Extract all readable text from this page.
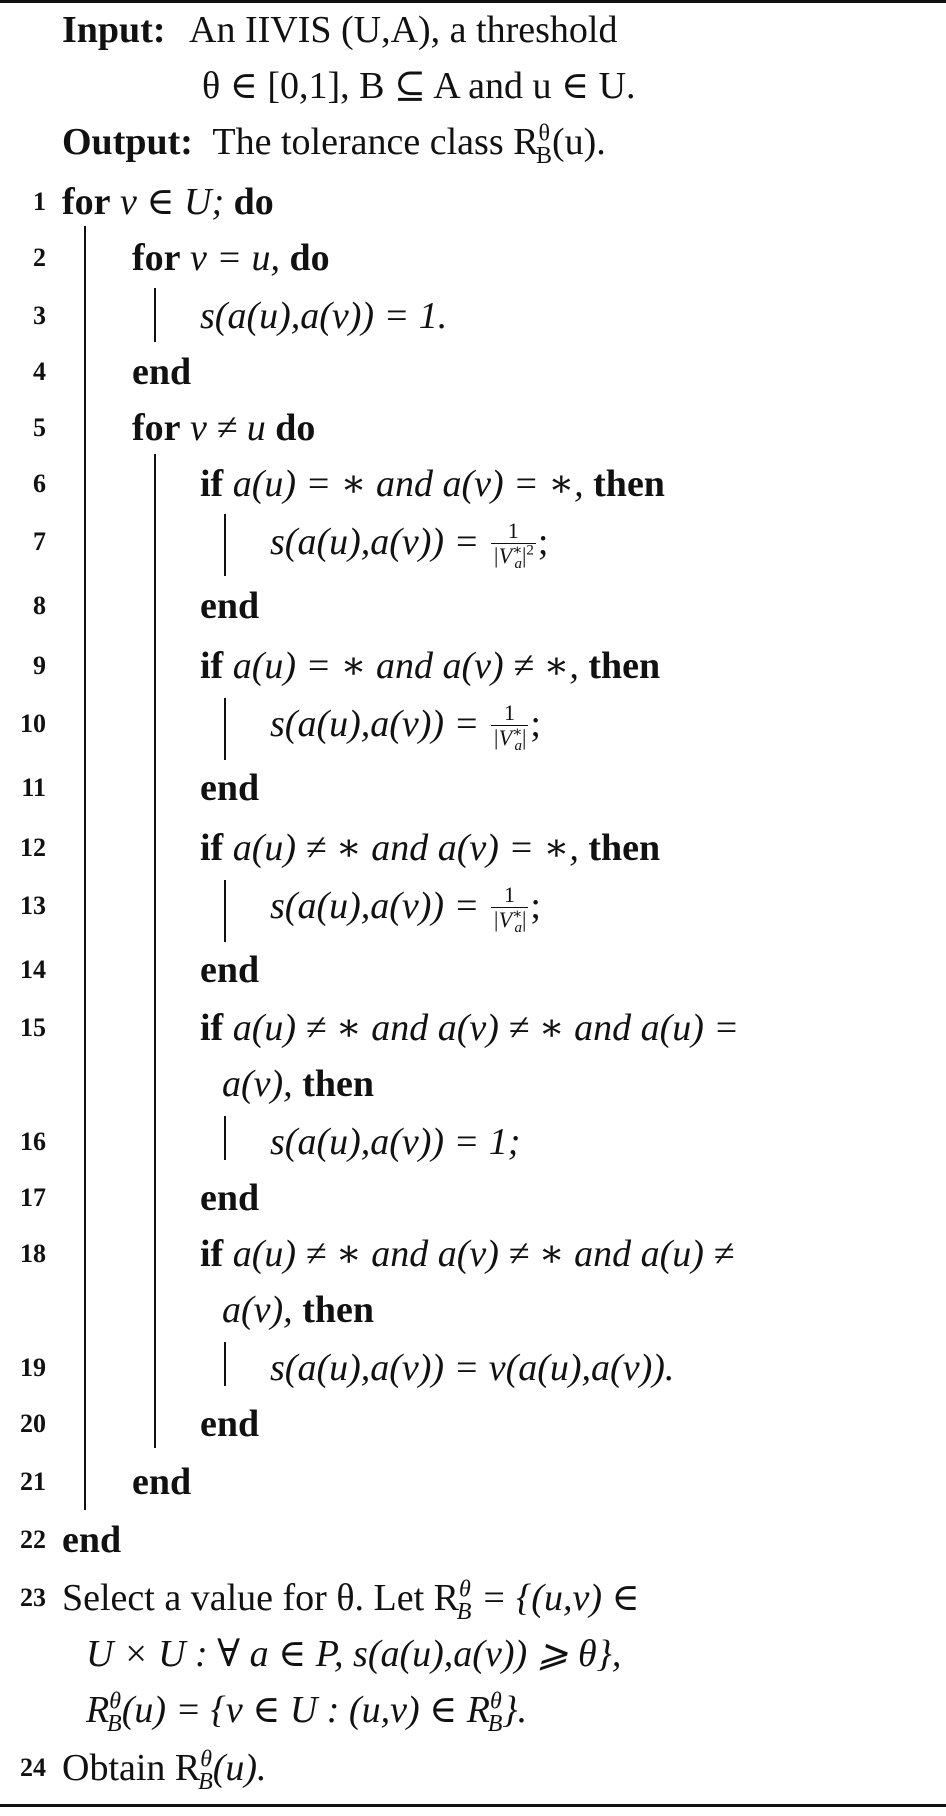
Input: An IIVIS (U,A), a threshold
θ ∈ [0,1], B ⊆ A and u ∈ U.
Output: The tolerance class $R^\theta_B(u)$.
1 for v ∈ U; do
2 for v = u, do
3	s(a(u),a(v)) = 1.
4 end
5 for v ≠ u do
6	if a(u) = ∗ and a(v) = ∗, then
7	$s(a(u),a(v)) = \frac{1}{|V^∗_a|^2}$ ;
8	end
9	if a(u) = ∗ and a(v) ≠ ∗, then
10	$s(a(u),a(v)) = \frac{1}{|V^∗_a|}$ ;
11	end
12	if a(u) ≠ ∗ and a(v) = ∗, then
13	$s(a(u),a(v)) = \frac{1}{|V^∗_a|}$ ;
14	end
15	if a(u) ≠ ∗ and a(v) ≠ ∗ and a(u) =
a(v), then
16	s(a(u),a(v)) = 1;
17	end
18	if a(u) ≠ ∗ and a(v) ≠ ∗ and a(u) ≠
a(v), then
19	s(a(u),a(v)) = v(a(u),a(v)).
20	end
21 end
22 end
23 Select a value for θ. Let $R^\theta_B = \{(u,v)$ ∈
U × U : ∀ a ∈ P, s(a(u),a(v)) ⩾ θ},
$R^\theta_B(u) = \{v$ ∈ U : (u,v) ∈ $R^\theta_B$}.
24 Obtain $R^\theta_B(u)$.
